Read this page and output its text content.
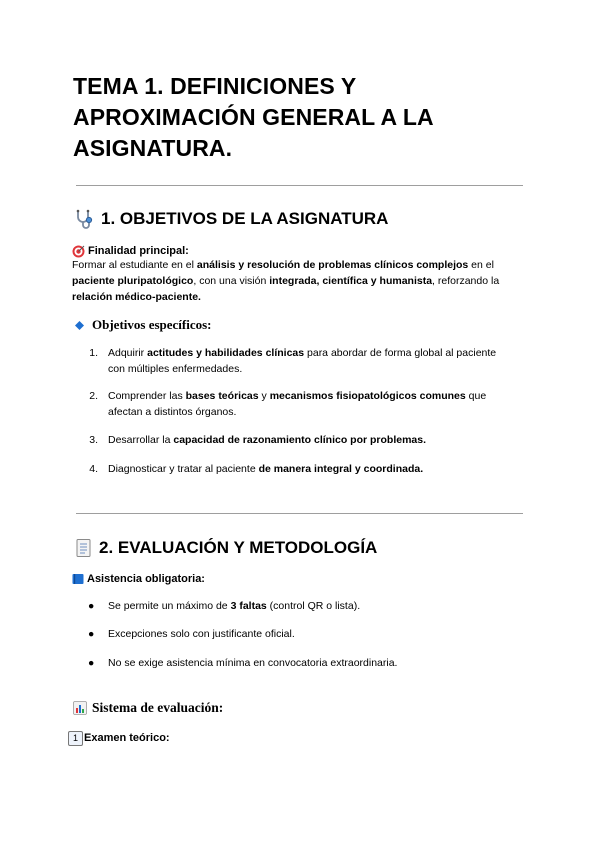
TEMA 1. DEFINICIONES Y APROXIMACIÓN GENERAL A LA ASIGNATURA.
1. OBJETIVOS DE LA ASIGNATURA
Finalidad principal:

Formar al estudiante en el análisis y resolución de problemas clínicos complejos en el paciente pluripatológico, con una visión integrada, científica y humanista, reforzando la relación médico-paciente.

Objetivos específicos:
1. Adquirir actitudes y habilidades clínicas para abordar de forma global al paciente con múltiples enfermedades.
2. Comprender las bases teóricas y mecanismos fisiopatológicos comunes que afectan a distintos órganos.
3. Desarrollar la capacidad de razonamiento clínico por problemas.
4. Diagnosticar y tratar al paciente de manera integral y coordinada.
2. EVALUACIÓN Y METODOLOGÍA
Asistencia obligatoria:
● Se permite un máximo de 3 faltas (control QR o lista).
● Excepciones solo con justificante oficial.
● No se exige asistencia mínima en convocatoria extraordinaria.
Sistema de evaluación:
1 Examen teórico:
